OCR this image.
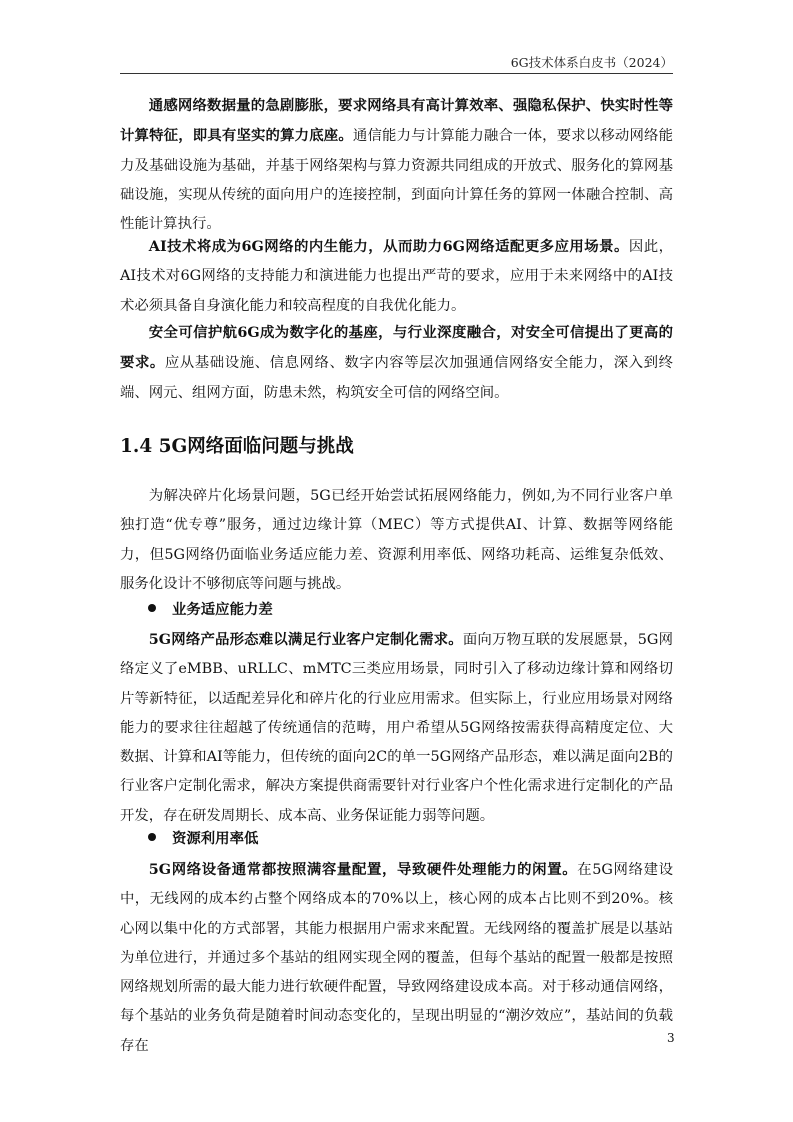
6G技术体系白皮书（2024）
通感网络数据量的急剧膨胀，要求网络具有高计算效率、强隐私保护、快实时性等计算特征，即具有坚实的算力底座。通信能力与计算能力融合一体，要求以移动网络能力及基础设施为基础，并基于网络架构与算力资源共同组成的开放式、服务化的算网基础设施，实现从传统的面向用户的连接控制，到面向计算任务的算网一体融合控制、高性能计算执行。
AI技术将成为6G网络的内生能力，从而助力6G网络适配更多应用场景。因此，AI技术对6G网络的支持能力和演进能力也提出严苛的要求，应用于未来网络中的AI技术必须具备自身演化能力和较高程度的自我优化能力。
安全可信护航6G成为数字化的基座，与行业深度融合，对安全可信提出了更高的要求。应从基础设施、信息网络、数字内容等层次加强通信网络安全能力，深入到终端、网元、组网方面，防患未然，构筑安全可信的网络空间。
1.4 5G网络面临问题与挑战
为解决碎片化场景问题，5G已经开始尝试拓展网络能力，例如,为不同行业客户单独打造“优专尊”服务，通过边缘计算（MEC）等方式提供AI、计算、数据等网络能力，但5G网络仍面临业务适应能力差、资源利用率低、网络功耗高、运维复杂低效、服务化设计不够彻底等问题与挑战。
业务适应能力差
5G网络产品形态难以满足行业客户定制化需求。面向万物互联的发展愿景，5G网络定义了eMBB、uRLLC、mMTC三类应用场景，同时引入了移动边缘计算和网络切片等新特征，以适配差异化和碎片化的行业应用需求。但实际上，行业应用场景对网络能力的要求往往超越了传统通信的范畴，用户希望从5G网络按需获得高精度定位、大数据、计算和AI等能力，但传统的面向2C的单一5G网络产品形态，难以满足面向2B的行业客户定制化需求，解决方案提供商需要针对行业客户个性化需求进行定制化的产品开发，存在研发周期长、成本高、业务保证能力弱等问题。
资源利用率低
5G网络设备通常都按照满容量配置，导致硬件处理能力的闲置。在5G网络建设中，无线网的成本约占整个网络成本的70%以上，核心网的成本占比则不到20%。核心网以集中化的方式部署，其能力根据用户需求来配置。无线网络的覆盖扩展是以基站为单位进行，并通过多个基站的组网实现全网的覆盖，但每个基站的配置一般都是按照网络规划所需的最大能力进行软硬件配置，导致网络建设成本高。对于移动通信网络，每个基站的业务负荷是随着时间动态变化的，呈现出明显的“潮汐效应”，基站间的负载存在	3
